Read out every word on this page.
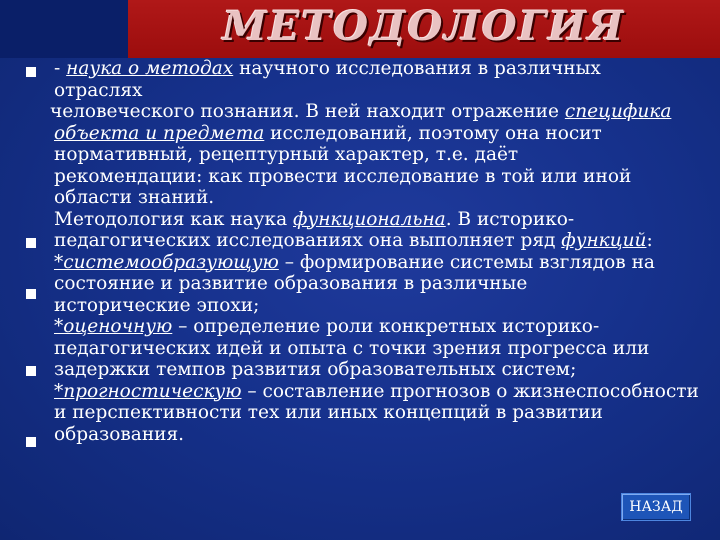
МЕТОДОЛОГИЯ
- наука о методах научного исследования в различных
отраслях
человеческого познания. В ней находит отражение специфика
объекта и предмета исследований, поэтому она носит
нормативный, рецептурный характер, т.е. даёт
рекомендации: как провести исследование в той или иной
области знаний.
Методология как наука функциональна. В историко-
педагогических исследованиях она выполняет ряд функций:
*системообразующую – формирование системы взглядов на
состояние и развитие образования в различные
исторические эпохи;
*оценочную – определение роли конкретных историко-
педагогических идей и опыта с точки зрения прогресса или
задержки темпов развития образовательных систем;
*прогностическую – составление прогнозов о жизнеспособности
и перспективности тех или иных концепций в развитии
образования.
НАЗАД
